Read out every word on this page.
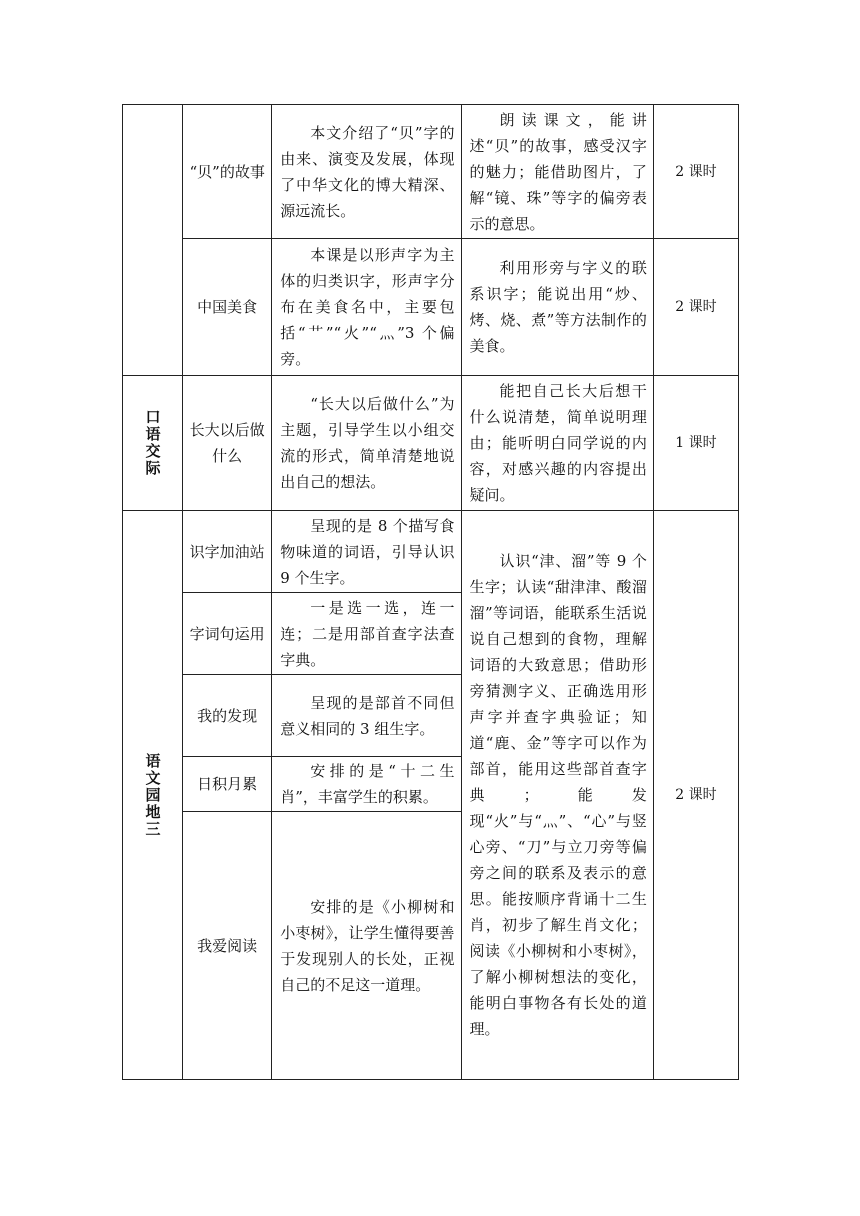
	“贝”的故事	本文介绍了“贝”字的由来、演变及发展，体现了中华文化的博大精深、源远流长。	朗读课文，能讲述“贝”的故事，感受汉字的魅力；能借助图片，了解“镜、珠”等字的偏旁表示的意思。	2 课时
	中国美食	本课是以形声字为主体的归类识字，形声字分布在美食名中，主要包括“艹”“火”“灬”3 个偏旁。	利用形旁与字义的联系识字；能说出用“炒、烤、烧、煮”等方法制作的美食。	2 课时

口语交际	长大以后做什么	“长大以后做什么”为主题，引导学生以小组交流的形式，简单清楚地说出自己的想法。	能把自己长大后想干什么说清楚，简单说明理由；能听明白同学说的内容，对感兴趣的内容提出疑问。	1 课时

语文园地三	识字加油站	呈现的是 8 个描写食物味道的词语，引导认识 9 个生字。	认识“津、溜”等 9 个生字；认读“甜津津、酸溜溜”等词语，能联系生活说说自己想到的食物，理解词语的大致意思；借助形旁猜测字义、正确选用形声字并查字典验证；知道“鹿、金”等字可以作为部首，能用这些部首查字典；能发现“火”与“灬”、“心”与竖心旁、“刀”与立刀旁等偏旁之间的联系及表示的意思。能按顺序背诵十二生肖，初步了解生肖文化；阅读《小柳树和小枣树》，了解小柳树想法的变化，能明白事物各有长处的道理。	2 课时
	字词句运用	一是选一选，连一连；二是用部首查字法查字典。		

	我的发现	呈现的是部首不同但意义相同的 3 组生字。		

	日积月累	安排的是“十二生肖”，丰富学生的积累。		

	我爱阅读	安排的是《小柳树和小枣树》，让学生懂得要善于发现别人的长处，正视自己的不足这一道理。		
